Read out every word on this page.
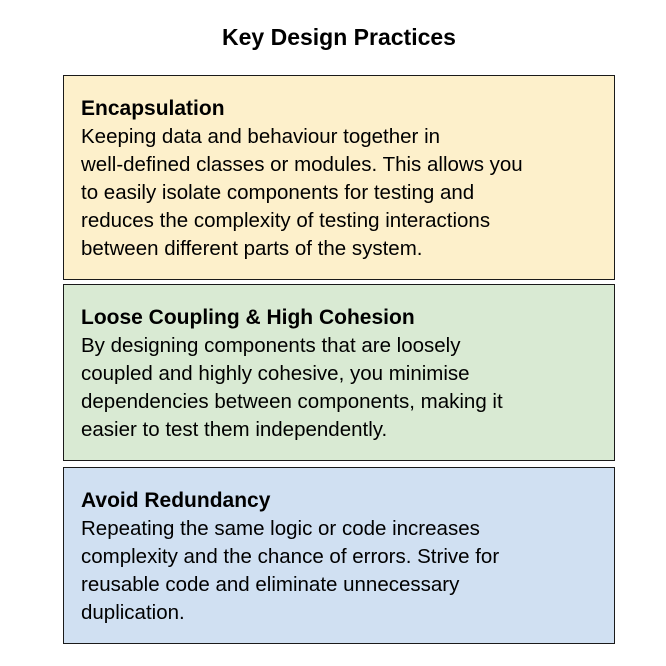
Key Design Practices
Encapsulation
Keeping data and behaviour together in
well-defined classes or modules. This allows you
to easily isolate components for testing and
reduces the complexity of testing interactions
between different parts of the system.
Loose Coupling & High Cohesion
By designing components that are loosely
coupled and highly cohesive, you minimise
dependencies between components, making it
easier to test them independently.
Avoid Redundancy
Repeating the same logic or code increases
complexity and the chance of errors. Strive for
reusable code and eliminate unnecessary
duplication.
